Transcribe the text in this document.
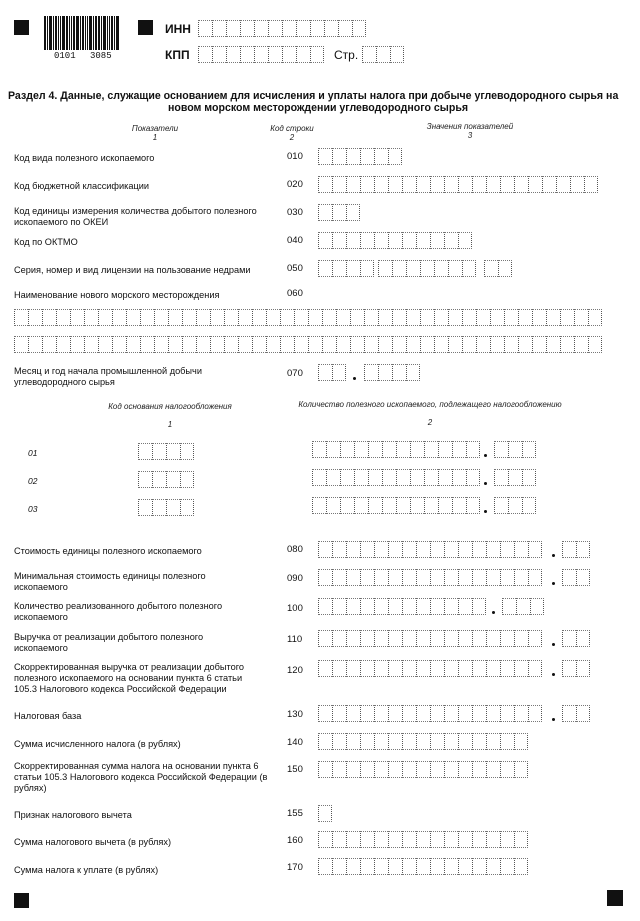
0101 3085
ИНН
КПП	Стр.
Раздел 4. Данные, служащие основанием для исчисления и уплаты налога при добыче углеводородного сырья на
новом морском месторождении углеводородного сырья
Показатели
1
Код строки
2
Значения показателей
3
Код вида полезного ископаемого	010
Код бюджетной классификации	020
Код единицы измерения количества добытого полезного ископаемого по ОКЕИ
030
Код по ОКТМО	040
Серия, номер и вид лицензии на пользование недрами	050
Наименование нового морского месторождения	060
Месяц и год начала промышленной добычи углеводородного сырья
070
Код основания налогообложения

1
Количество полезного ископаемого, подлежащего налогообложению

2
01
02
03
Стоимость единицы полезного ископаемого	080
Минимальная стоимость единицы полезного ископаемого
090
Количество реализованного добытого полезного ископаемого
100
Выручка от реализации добытого полезного ископаемого
110
Скорректированная выручка от реализации добытого полезного ископаемого на основании пункта 6 статьи 105.3 Налогового кодекса Российской Федерации
120
Налоговая база	130
Сумма исчисленного налога (в рублях)	140
Скорректированная сумма налога на основании пункта 6 статьи 105.3 Налогового кодекса Российской Федерации (в рублях)
150
Признак налогового вычета	155
Сумма налогового вычета (в рублях)	160
Сумма налога к уплате (в рублях)	170
